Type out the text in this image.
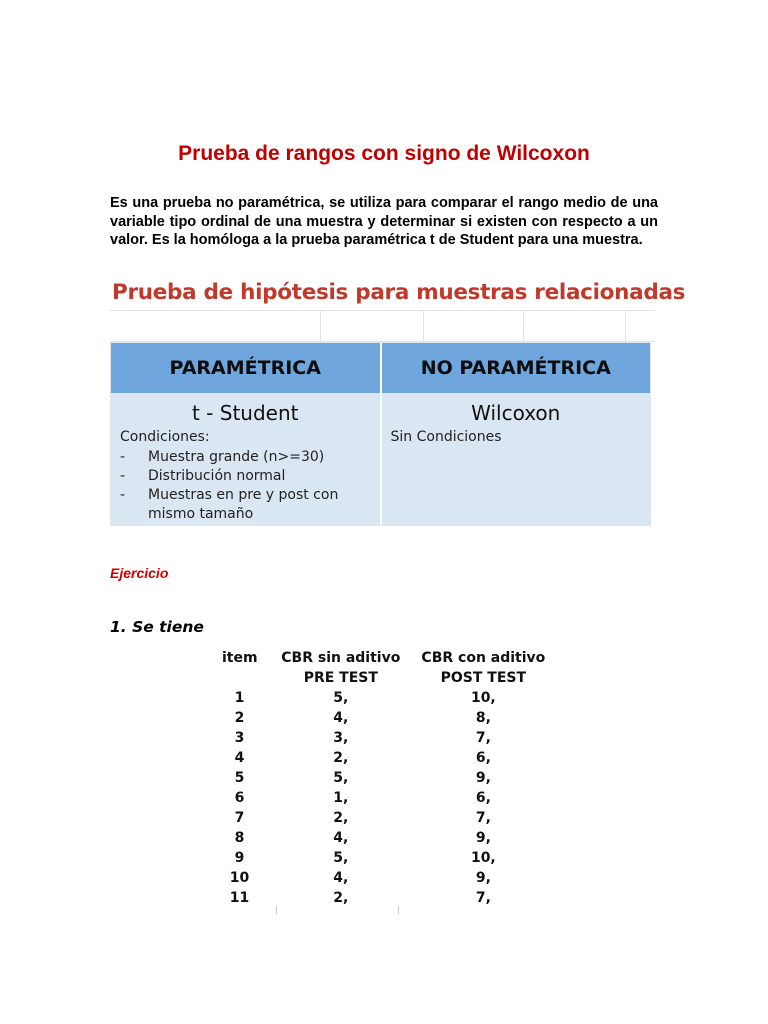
Prueba de rangos con signo de Wilcoxon

Es una prueba no paramétrica, se utiliza para comparar el rango medio de una variable tipo ordinal de una muestra y determinar si existen con respecto a un valor. Es la homóloga a la prueba paramétrica t de Student para una muestra.

Prueba de hipótesis para muestras relacionadas
PARAMÉTRICA	NO PARAMÉTRICA
t - Student
Condiciones:
-	Muestra grande (n>=30)
-	Distribución normal
-	Muestras en pre y post con mismo tamaño
Wilcoxon
Sin Condiciones
Ejercicio
1. Se tiene
item	CBR sin aditivo	CBR con aditivo
	PRE TEST	POST TEST
1	5,	10,
2	4,	8,
3	3,	7,
4	2,	6,
5	5,	9,
6	1,	6,
7	2,	7,
8	4,	9,
9	5,	10,
10	4,	9,
11	2,	7,
